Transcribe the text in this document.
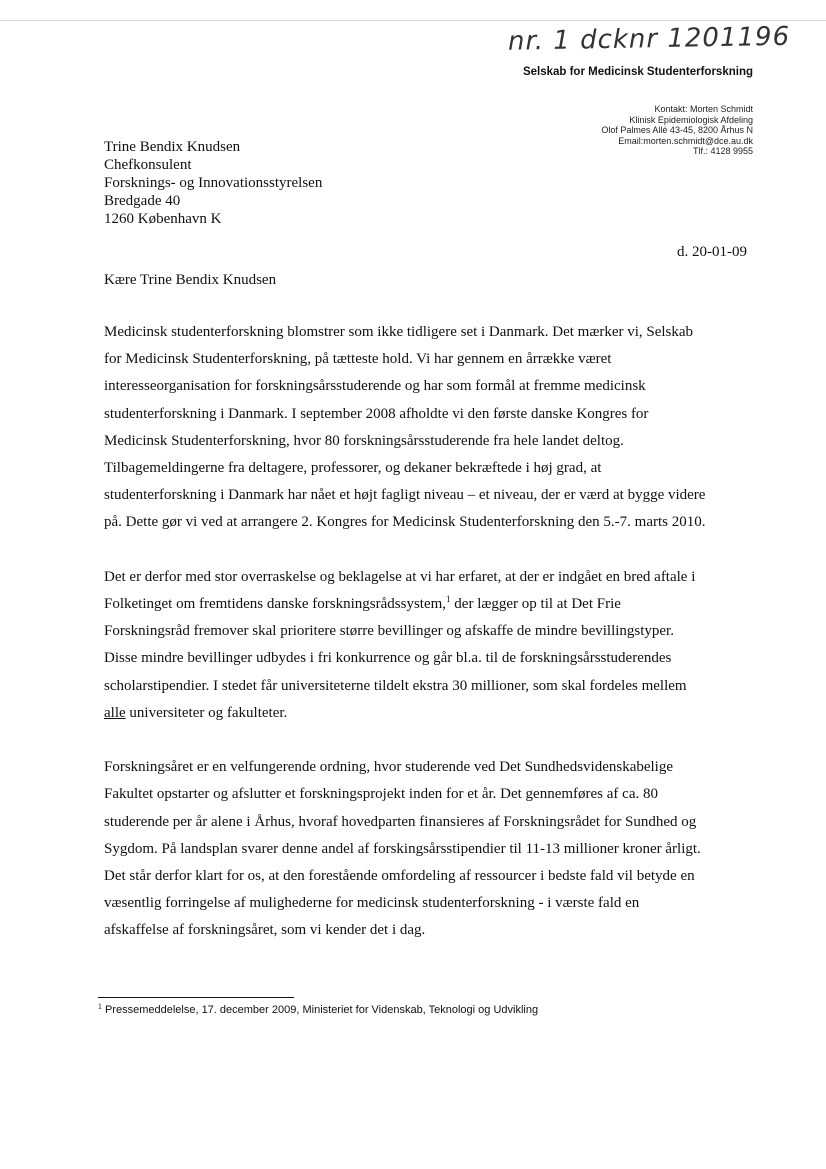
nr. 1 dcknr 1201196
Selskab for Medicinsk Studenterforskning
Kontakt: Morten Schmidt
Klinisk Epidemiologisk Afdeling
Olof Palmes Allé 43-45, 8200 Århus N
Email:morten.schmidt@dce.au.dk
Tlf.: 4128 9955
Trine Bendix Knudsen
Chefkonsulent
Forsknings- og Innovationsstyrelsen
Bredgade 40
1260 København K
d. 20-01-09
Kære Trine Bendix Knudsen

Medicinsk studenterforskning blomstrer som ikke tidligere set i Danmark. Det mærker vi, Selskab
for Medicinsk Studenterforskning, på tætteste hold. Vi har gennem en årrække været
interesseorganisation for forskningsårsstuderende og har som formål at fremme medicinsk
studenterforskning i Danmark. I september 2008 afholdte vi den første danske Kongres for
Medicinsk Studenterforskning, hvor 80 forskningsårsstuderende fra hele landet deltog.
Tilbagemeldingerne fra deltagere, professorer, og dekaner bekræftede i høj grad, at
studenterforskning i Danmark har nået et højt fagligt niveau – et niveau, der er værd at bygge videre
på. Dette gør vi ved at arrangere 2. Kongres for Medicinsk Studenterforskning den 5.-7. marts 2010.

Det er derfor med stor overraskelse og beklagelse at vi har erfaret, at der er indgået en bred aftale i
Folketinget om fremtidens danske forskningsrådssystem,$^1$ der lægger op til at Det Frie
Forskningsråd fremover skal prioritere større bevillinger og afskaffe de mindre bevillingstyper.
Disse mindre bevillinger udbydes i fri konkurrence og går bl.a. til de forskningsårsstuderendes
scholarstipendier. I stedet får universiteterne tildelt ekstra 30 millioner, som skal fordeles mellem
alle universiteter og fakulteter.

Forskningsåret er en velfungerende ordning, hvor studerende ved Det Sundhedsvidenskabelige
Fakultet opstarter og afslutter et forskningsprojekt inden for et år. Det gennemføres af ca. 80
studerende per år alene i Århus, hvoraf hovedparten finansieres af Forskningsrådet for Sundhed og
Sygdom. På landsplan svarer denne andel af forskingsårsstipendier til 11-13 millioner kroner årligt.
Det står derfor klart for os, at den forestående omfordeling af ressourcer i bedste fald vil betyde en
væsentlig forringelse af mulighederne for medicinsk studenterforskning - i værste fald en
afskaffelse af forskningsåret, som vi kender det i dag.

$^1$ Pressemeddelelse, 17. december 2009, Ministeriet for Videnskab, Teknologi og Udvikling
